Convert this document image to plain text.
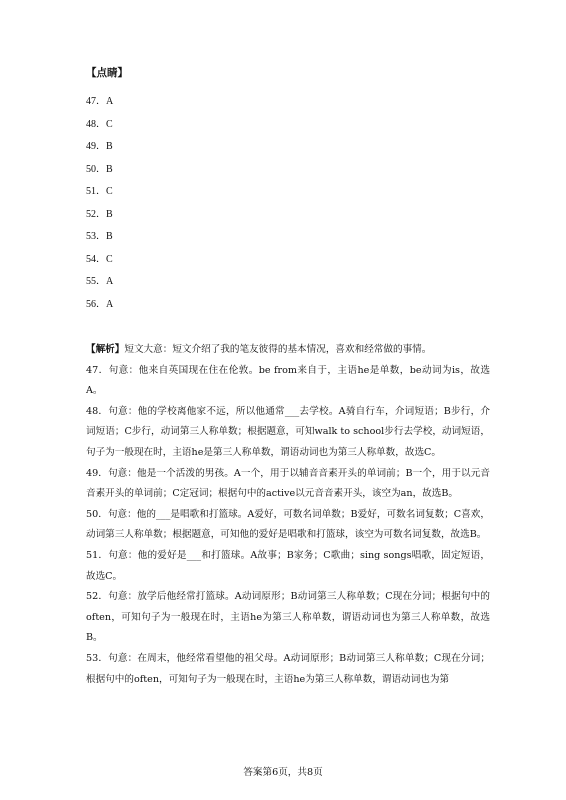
【点睛】
47．A
48．C
49．B
50．B
51．C
52．B
53．B
54．C
55．A
56．A

【解析】短文大意：短文介绍了我的笔友彼得的基本情况，喜欢和经常做的事情。

47．句意：他来自英国现在住在伦敦。be from来自于，主语he是单数，be动词为is，故选A。

48．句意：他的学校离他家不远，所以他通常___去学校。A骑自行车，介词短语；B步行，介词短语；C步行，动词第三人称单数；根据题意，可知walk to school步行去学校，动词短语，句子为一般现在时，主语he是第三人称单数，谓语动词也为第三人称单数，故选C。

49．句意：他是一个活泼的男孩。A一个，用于以辅音音素开头的单词前；B一个，用于以元音音素开头的单词前；C定冠词；根据句中的active以元音音素开头，该空为an，故选B。

50．句意：他的___是唱歌和打篮球。A爱好，可数名词单数；B爱好，可数名词复数；C喜欢，动词第三人称单数；根据题意，可知他的爱好是唱歌和打篮球，该空为可数名词复数，故选B。

51．句意：他的爱好是___和打篮球。A故事；B家务；C歌曲；sing songs唱歌，固定短语，故选C。

52．句意：放学后他经常打篮球。A动词原形；B动词第三人称单数；C现在分词；根据句中的often，可知句子为一般现在时，主语he为第三人称单数，谓语动词也为第三人称单数，故选B。

53．句意：在周末，他经常看望他的祖父母。A动词原形；B动词第三人称单数；C现在分词；根据句中的often，可知句子为一般现在时，主语he为第三人称单数，谓语动词也为第

答案第6页，共8页
